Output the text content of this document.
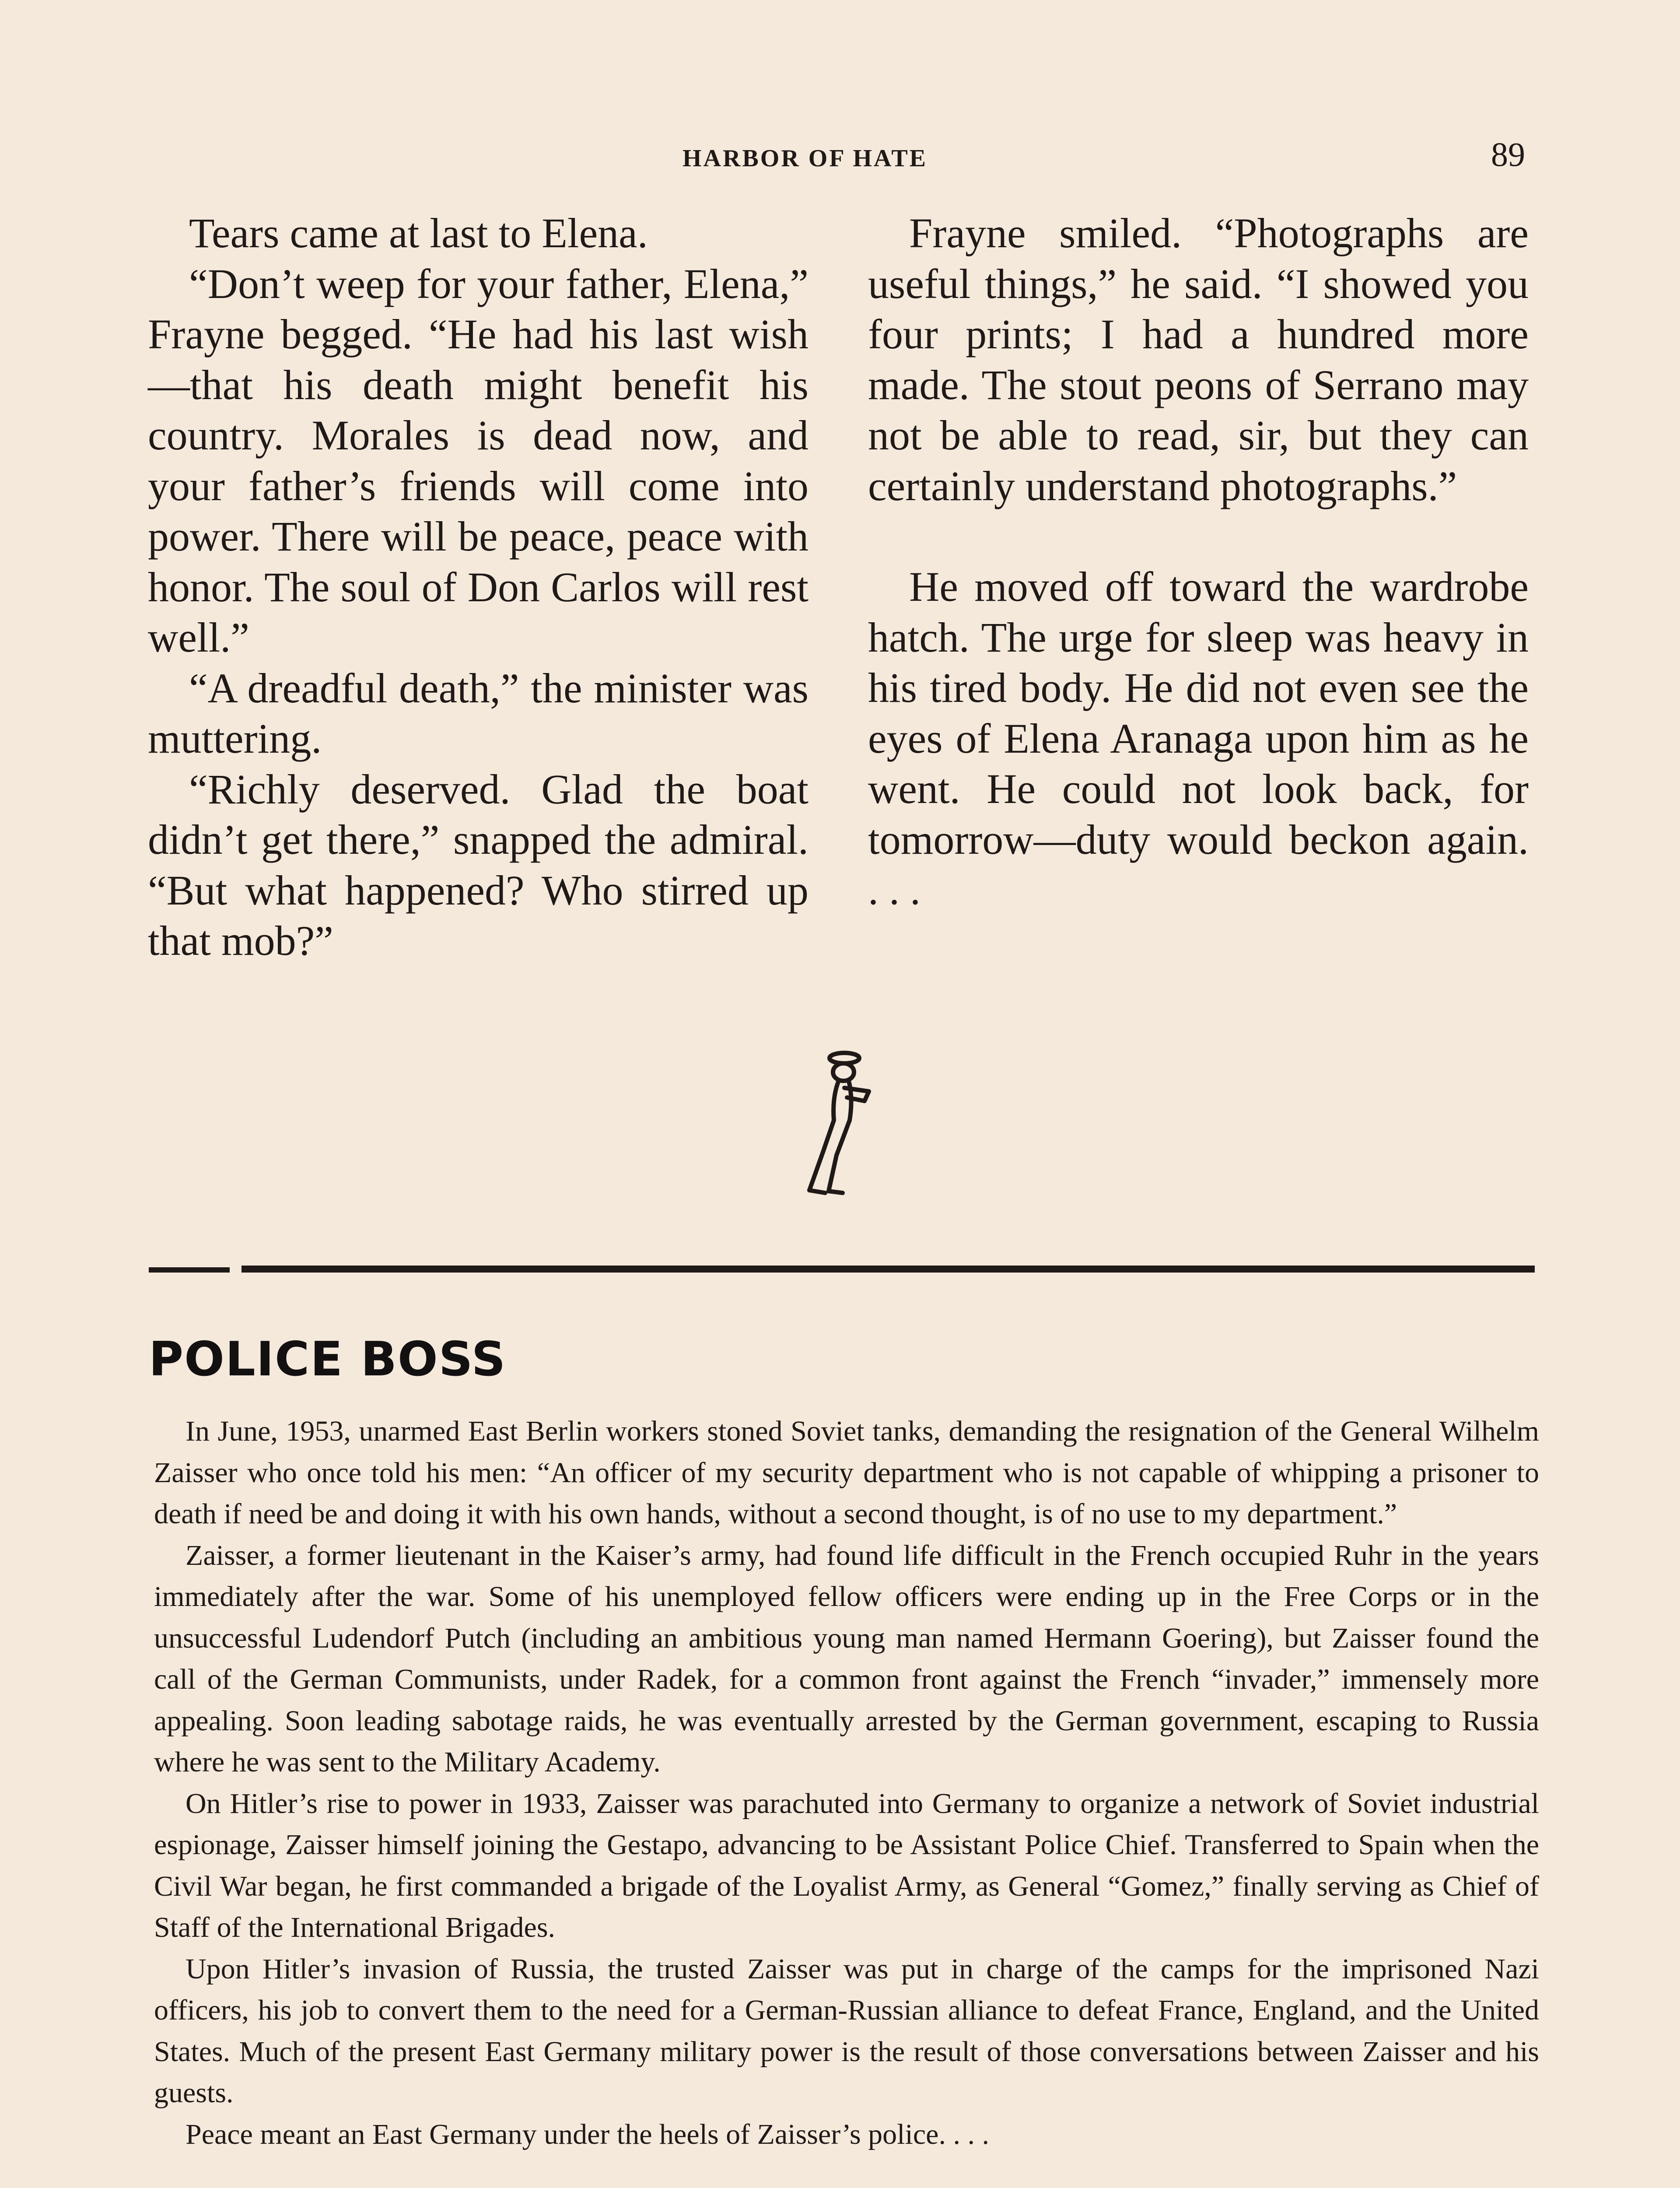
HARBOR OF HATE	89

Tears came at last to Elena.

“Don’t weep for your father, Elena,” Frayne begged. “He had his last wish—that his death might benefit his country. Morales is dead now, and your father’s friends will come into power. There will be peace, peace with honor. The soul of Don Carlos will rest well.”

“A dreadful death,” the minister was muttering.

“Richly deserved. Glad the boat didn’t get there,” snapped the admiral. “But what happened? Who stirred up that mob?”

Frayne smiled. “Photographs are useful things,” he said. “I showed you four prints; I had a hundred more made. The stout peons of Serrano may not be able to read, sir, but they can certainly understand photographs.”

He moved off toward the wardrobe hatch. The urge for sleep was heavy in his tired body. He did not even see the eyes of Elena Aranaga upon him as he went. He could not look back, for tomorrow—duty would beckon again. . . .

POLICE BOSS

In June, 1953, unarmed East Berlin workers stoned Soviet tanks, demanding the resignation of the General Wilhelm Zaisser who once told his men: “An officer of my security department who is not capable of whipping a prisoner to death if need be and doing it with his own hands, without a second thought, is of no use to my department.”

Zaisser, a former lieutenant in the Kaiser’s army, had found life difficult in the French occupied Ruhr in the years immediately after the war. Some of his unemployed fellow officers were ending up in the Free Corps or in the unsuccessful Ludendorf Putch (including an ambitious young man named Hermann Goering), but Zaisser found the call of the German Communists, under Radek, for a common front against the French “invader,” immensely more appealing. Soon leading sabotage raids, he was eventually arrested by the German government, escaping to Russia where he was sent to the Military Academy.

On Hitler’s rise to power in 1933, Zaisser was parachuted into Germany to organize a network of Soviet industrial espionage, Zaisser himself joining the Gestapo, advancing to be Assistant Police Chief. Transferred to Spain when the Civil War began, he first commanded a brigade of the Loyalist Army, as General “Gomez,” finally serving as Chief of Staff of the International Brigades.

Upon Hitler’s invasion of Russia, the trusted Zaisser was put in charge of the camps for the imprisoned Nazi officers, his job to convert them to the need for a German-Russian alliance to defeat France, England, and the United States. Much of the present East Germany military power is the result of those conversations between Zaisser and his guests.

Peace meant an East Germany under the heels of Zaisser’s police. . . .
